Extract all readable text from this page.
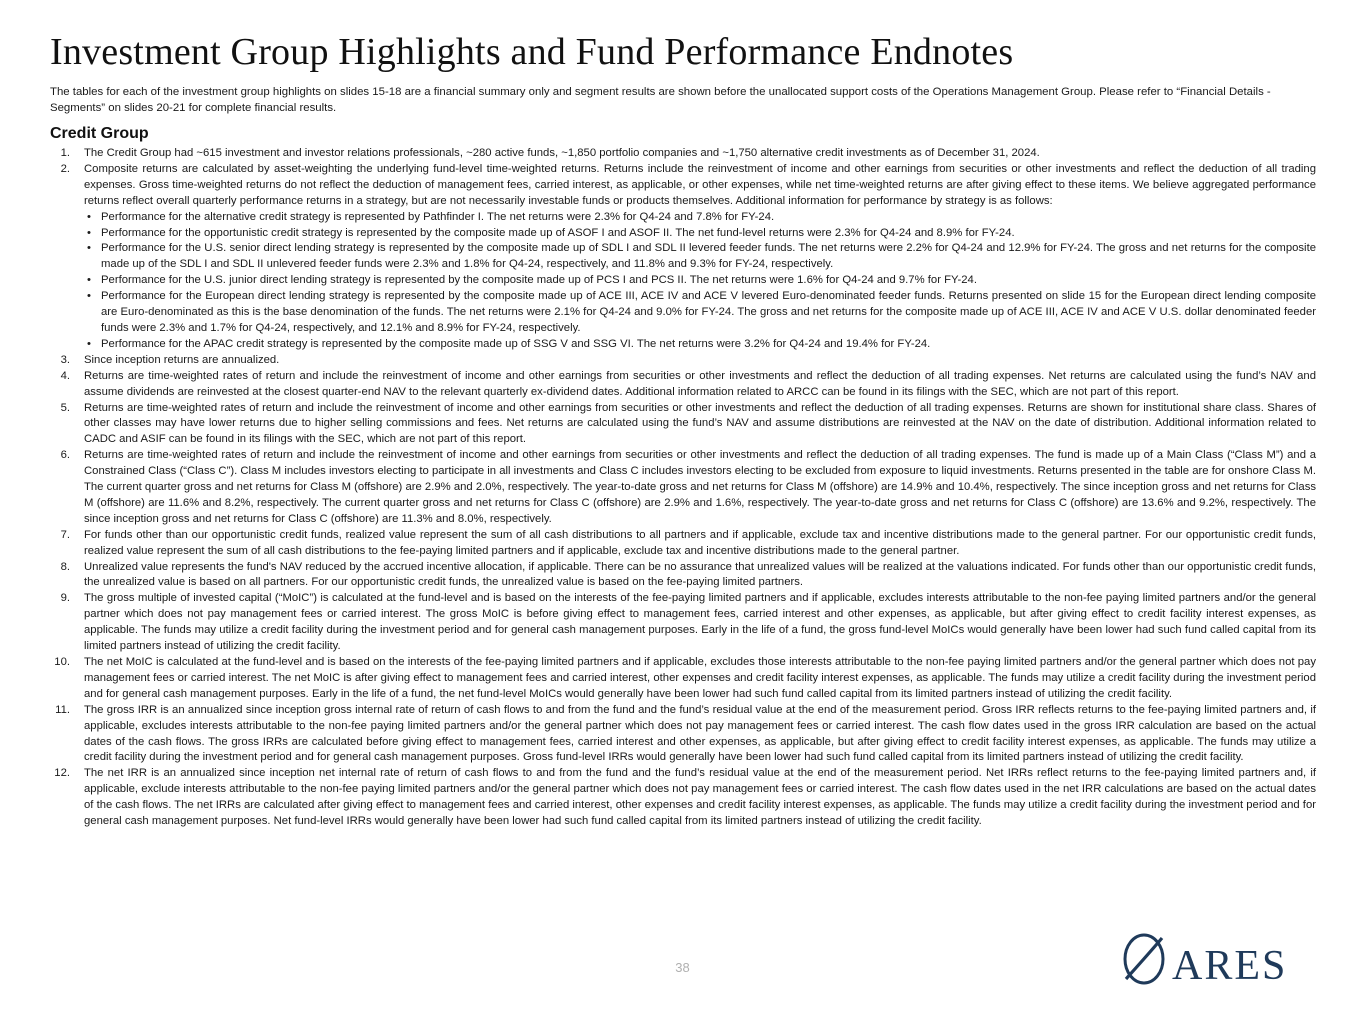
Investment Group Highlights and Fund Performance Endnotes

The tables for each of the investment group highlights on slides 15-18 are a financial summary only and segment results are shown before the unallocated support costs of the Operations Management Group. Please refer to “Financial Details - Segments” on slides 20-21 for complete financial results.

Credit Group
1. The Credit Group had ~615 investment and investor relations professionals, ~280 active funds, ~1,850 portfolio companies and ~1,750 alternative credit investments as of December 31, 2024.
2. Composite returns are calculated by asset-weighting the underlying fund-level time-weighted returns. Returns include the reinvestment of income and other earnings from securities or other investments and reflect the deduction of all trading expenses. Gross time-weighted returns do not reflect the deduction of management fees, carried interest, as applicable, or other expenses, while net time-weighted returns are after giving effect to these items. We believe aggregated performance returns reflect overall quarterly performance returns in a strategy, but are not necessarily investable funds or products themselves. Additional information for performance by strategy is as follows:
• Performance for the alternative credit strategy is represented by Pathfinder I. The net returns were 2.3% for Q4-24 and 7.8% for FY-24.
• Performance for the opportunistic credit strategy is represented by the composite made up of ASOF I and ASOF II. The net fund-level returns were 2.3% for Q4-24 and 8.9% for FY-24.
• Performance for the U.S. senior direct lending strategy is represented by the composite made up of SDL I and SDL II levered feeder funds. The net returns were 2.2% for Q4-24 and 12.9% for FY-24. The gross and net returns for the composite made up of the SDL I and SDL II unlevered feeder funds were 2.3% and 1.8% for Q4-24, respectively, and 11.8% and 9.3% for FY-24, respectively.
• Performance for the U.S. junior direct lending strategy is represented by the composite made up of PCS I and PCS II. The net returns were 1.6% for Q4-24 and 9.7% for FY-24.
• Performance for the European direct lending strategy is represented by the composite made up of ACE III, ACE IV and ACE V levered Euro-denominated feeder funds. Returns presented on slide 15 for the European direct lending composite are Euro-denominated as this is the base denomination of the funds. The net returns were 2.1% for Q4-24 and 9.0% for FY-24. The gross and net returns for the composite made up of ACE III, ACE IV and ACE V U.S. dollar denominated feeder funds were 2.3% and 1.7% for Q4-24, respectively, and 12.1% and 8.9% for FY-24, respectively.
• Performance for the APAC credit strategy is represented by the composite made up of SSG V and SSG VI. The net returns were 3.2% for Q4-24 and 19.4% for FY-24.
3. Since inception returns are annualized.
4. Returns are time-weighted rates of return and include the reinvestment of income and other earnings from securities or other investments and reflect the deduction of all trading expenses. Net returns are calculated using the fund’s NAV and assume dividends are reinvested at the closest quarter-end NAV to the relevant quarterly ex-dividend dates. Additional information related to ARCC can be found in its filings with the SEC, which are not part of this report.
5. Returns are time-weighted rates of return and include the reinvestment of income and other earnings from securities or other investments and reflect the deduction of all trading expenses. Returns are shown for institutional share class. Shares of other classes may have lower returns due to higher selling commissions and fees. Net returns are calculated using the fund’s NAV and assume distributions are reinvested at the NAV on the date of distribution. Additional information related to CADC and ASIF can be found in its filings with the SEC, which are not part of this report.
6. Returns are time-weighted rates of return and include the reinvestment of income and other earnings from securities or other investments and reflect the deduction of all trading expenses. The fund is made up of a Main Class (“Class M”) and a Constrained Class (“Class C”). Class M includes investors electing to participate in all investments and Class C includes investors electing to be excluded from exposure to liquid investments. Returns presented in the table are for onshore Class M. The current quarter gross and net returns for Class M (offshore) are 2.9% and 2.0%, respectively. The year-to-date gross and net returns for Class M (offshore) are 14.9% and 10.4%, respectively. The since inception gross and net returns for Class M (offshore) are 11.6% and 8.2%, respectively. The current quarter gross and net returns for Class C (offshore) are 2.9% and 1.6%, respectively. The year-to-date gross and net returns for Class C (offshore) are 13.6% and 9.2%, respectively. The since inception gross and net returns for Class C (offshore) are 11.3% and 8.0%, respectively.
7. For funds other than our opportunistic credit funds, realized value represent the sum of all cash distributions to all partners and if applicable, exclude tax and incentive distributions made to the general partner. For our opportunistic credit funds, realized value represent the sum of all cash distributions to the fee-paying limited partners and if applicable, exclude tax and incentive distributions made to the general partner.
8. Unrealized value represents the fund's NAV reduced by the accrued incentive allocation, if applicable. There can be no assurance that unrealized values will be realized at the valuations indicated. For funds other than our opportunistic credit funds, the unrealized value is based on all partners. For our opportunistic credit funds, the unrealized value is based on the fee-paying limited partners.
9. The gross multiple of invested capital (“MoIC”) is calculated at the fund-level and is based on the interests of the fee-paying limited partners and if applicable, excludes interests attributable to the non-fee paying limited partners and/or the general partner which does not pay management fees or carried interest. The gross MoIC is before giving effect to management fees, carried interest and other expenses, as applicable, but after giving effect to credit facility interest expenses, as applicable. The funds may utilize a credit facility during the investment period and for general cash management purposes. Early in the life of a fund, the gross fund-level MoICs would generally have been lower had such fund called capital from its limited partners instead of utilizing the credit facility.
10. The net MoIC is calculated at the fund-level and is based on the interests of the fee-paying limited partners and if applicable, excludes those interests attributable to the non-fee paying limited partners and/or the general partner which does not pay management fees or carried interest. The net MoIC is after giving effect to management fees and carried interest, other expenses and credit facility interest expenses, as applicable. The funds may utilize a credit facility during the investment period and for general cash management purposes. Early in the life of a fund, the net fund-level MoICs would generally have been lower had such fund called capital from its limited partners instead of utilizing the credit facility.
11. The gross IRR is an annualized since inception gross internal rate of return of cash flows to and from the fund and the fund’s residual value at the end of the measurement period. Gross IRR reflects returns to the fee-paying limited partners and, if applicable, excludes interests attributable to the non-fee paying limited partners and/or the general partner which does not pay management fees or carried interest. The cash flow dates used in the gross IRR calculation are based on the actual dates of the cash flows. The gross IRRs are calculated before giving effect to management fees, carried interest and other expenses, as applicable, but after giving effect to credit facility interest expenses, as applicable. The funds may utilize a credit facility during the investment period and for general cash management purposes. Gross fund-level IRRs would generally have been lower had such fund called capital from its limited partners instead of utilizing the credit facility.
12. The net IRR is an annualized since inception net internal rate of return of cash flows to and from the fund and the fund’s residual value at the end of the measurement period. Net IRRs reflect returns to the fee-paying limited partners and, if applicable, exclude interests attributable to the non-fee paying limited partners and/or the general partner which does not pay management fees or carried interest. The cash flow dates used in the net IRR calculations are based on the actual dates of the cash flows. The net IRRs are calculated after giving effect to management fees and carried interest, other expenses and credit facility interest expenses, as applicable. The funds may utilize a credit facility during the investment period and for general cash management purposes. Net fund-level IRRs would generally have been lower had such fund called capital from its limited partners instead of utilizing the credit facility.
38	ARES
